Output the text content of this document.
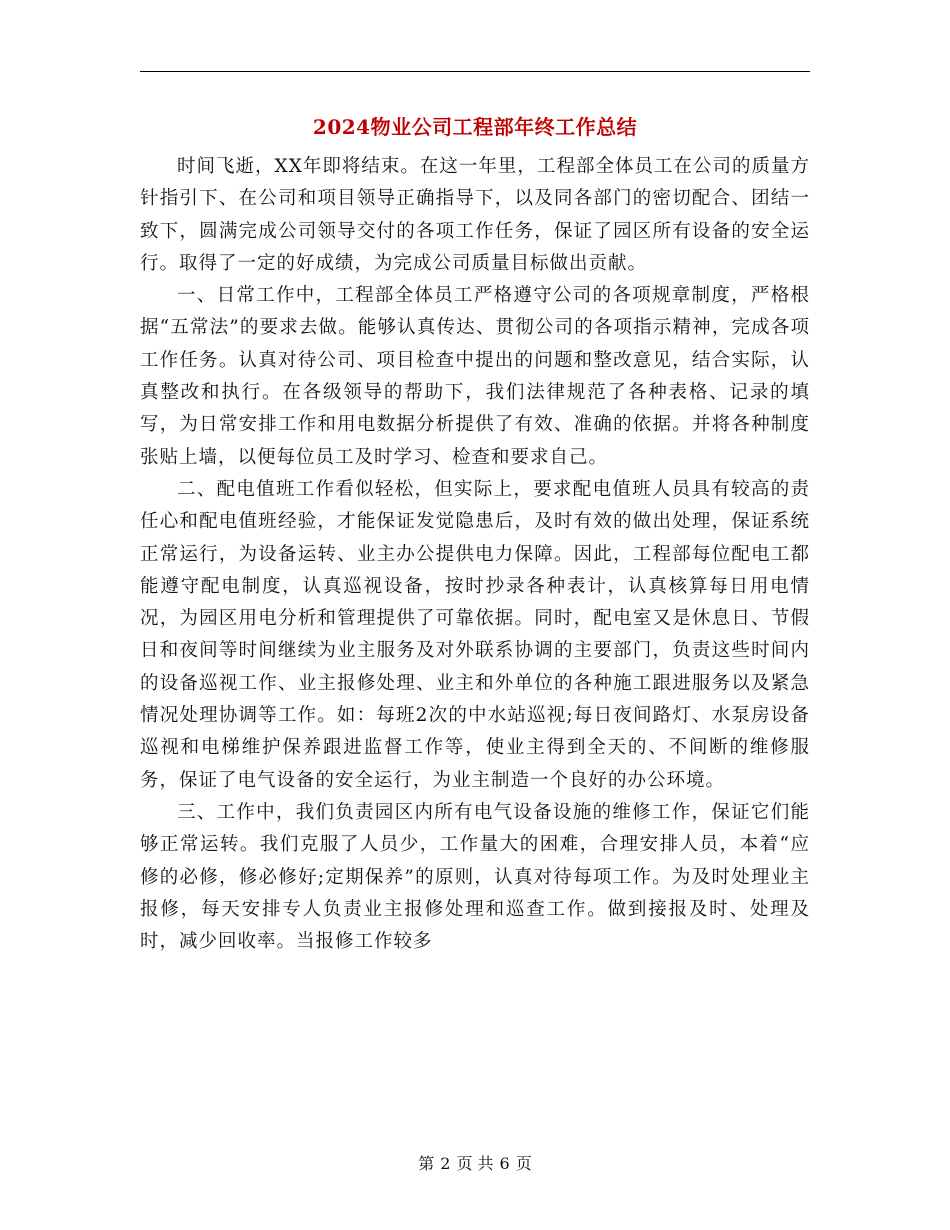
2024物业公司工程部年终工作总结

时间飞逝，XX年即将结束。在这一年里，工程部全体员工在公司的质量方针指引下、在公司和项目领导正确指导下，以及同各部门的密切配合、团结一致下，圆满完成公司领导交付的各项工作任务，保证了园区所有设备的安全运行。取得了一定的好成绩，为完成公司质量目标做出贡献。

一、日常工作中，工程部全体员工严格遵守公司的各项规章制度，严格根据“五常法”的要求去做。能够认真传达、贯彻公司的各项指示精神，完成各项工作任务。认真对待公司、项目检查中提出的问题和整改意见，结合实际，认真整改和执行。在各级领导的帮助下，我们法律规范了各种表格、记录的填写，为日常安排工作和用电数据分析提供了有效、准确的依据。并将各种制度张贴上墙，以便每位员工及时学习、检查和要求自己。

二、配电值班工作看似轻松，但实际上，要求配电值班人员具有较高的责任心和配电值班经验，才能保证发觉隐患后，及时有效的做出处理，保证系统正常运行，为设备运转、业主办公提供电力保障。因此，工程部每位配电工都能遵守配电制度，认真巡视设备，按时抄录各种表计，认真核算每日用电情况，为园区用电分析和管理提供了可靠依据。同时，配电室又是休息日、节假日和夜间等时间继续为业主服务及对外联系协调的主要部门，负责这些时间内的设备巡视工作、业主报修处理、业主和外单位的各种施工跟进服务以及紧急情况处理协调等工作。如：每班2次的中水站巡视;每日夜间路灯、水泵房设备巡视和电梯维护保养跟进监督工作等，使业主得到全天的、不间断的维修服务，保证了电气设备的安全运行，为业主制造一个良好的办公环境。

三、工作中，我们负责园区内所有电气设备设施的维修工作，保证它们能够正常运转。我们克服了人员少，工作量大的困难，合理安排人员，本着“应修的必修，修必修好;定期保养”的原则，认真对待每项工作。为及时处理业主报修，每天安排专人负责业主报修处理和巡查工作。做到接报及时、处理及时，减少回收率。当报修工作较多

第 2 页 共 6 页
